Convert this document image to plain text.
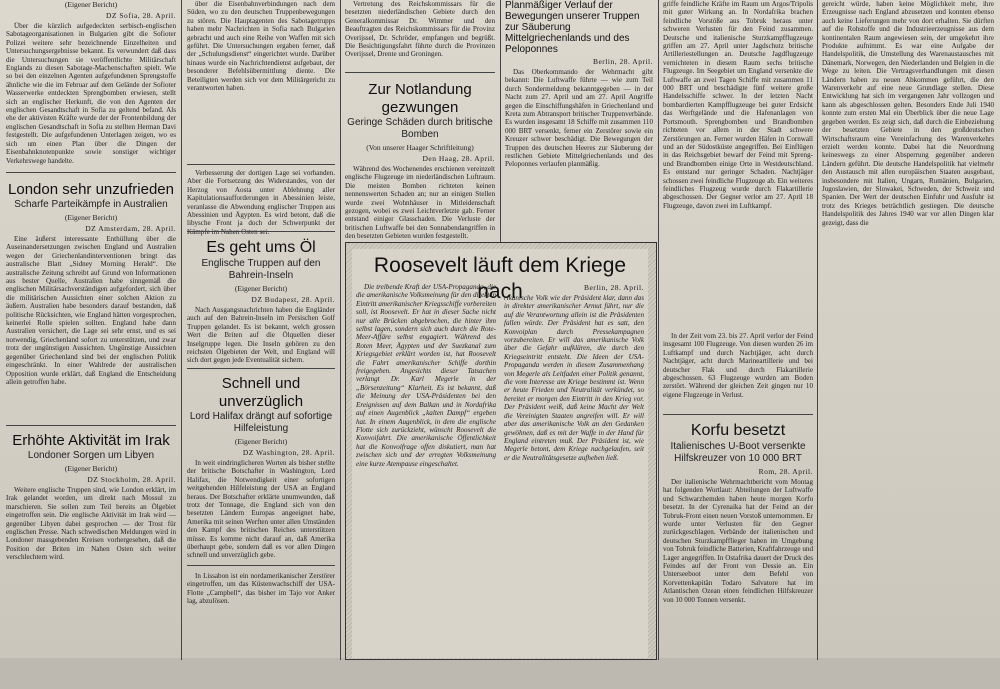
(Eigener Bericht)

DZ Sofia, 28. April.

Über die kürzlich aufgedeckten serbisch-englischen Sabotageorganisationen in Bulgarien gibt die Sofioter Polizei weitere sehr bezeichnende Einzelheiten und Untersuchungsergebnisse bekannt. Es verwundert daß dass die Untersuchungen sie veröffentlichte Militärschaft Englands zu diesen Sabotage-Machenschaften spielt. Wie so bei den einzelnen Agenten aufgefundenen Sprengstoffe ähnliche wie die im Februar auf dem Gelände der Sofioter Wasserwerke entdeckten Sprengbomben erwiesen, stellt sich an englischer Herkunft, die von den Agenten der englischen Gesandtschaft in Sofia zu geltend befand. Als ehe der aktivisten Kräfte wurde der der Frontenbildung der englischen Gesandtschaft in Sofia zu stellten Herman Davi festgestellt. Die aufgefundenen Unterlagen zeigen, wo es sich um einen Plan über die Dingen der Eisenbahnknotenpunkte sowie sonstiger wichtiger Verkehrswege handelte.

London sehr unzufrieden

Scharfe Parteikämpfe in Australien

(Eigener Bericht)

DZ Amsterdam, 28. April.

Eine äußerst interessante Enthüllung über die Auseinandersetzungen zwischen England und Australien wegen der Griechenlandinterventionen bringt das australische Blatt „Sidney Morning Herald“. Die australische Zeitung schreibt auf Grund von Informationen aus bester Quelle, Australien habe sinngemäß die englischen Militärsachverständigen aufgefordert, sich über die militärischen Aussichten einer solchen Aktion zu äußern. Australien habe besonders darauf bestanden, daß politische Rücksichten, wie England hätten vorgesprochen, keinerlei Rolle spielen sollten. England habe dann Australien versichert, die Lage sei sehr ernst, und es sei notwendig, Griechenland sofort zu unterstützen, und zwar trotz der ungünstigen Aussichten. Ungünstige Aussichten gegenüber Griechenland sind bei der englischen Politik eingeschränkt. In einer Wahlrede der australischen Opposition wurde erklärt, daß England die Entscheidung allein getroffen habe.

Erhöhte Aktivität im Irak

Londoner Sorgen um Libyen

(Eigener Bericht)

DZ Stockholm, 28. April.

Weitere englische Truppen sind, wie London erklärt, im Irak gelandet worden, um direkt nach Mossul zu marschieren. Sie sollen zum Teil bereits an Ölgebiet eingetroffen sein. Die englische Aktivität im Irak wird — gegenüber Libyen dabei gesprochen — der Trost für englischen Presse. Nach schwedischen Meldungen wird in Londoner massgebenden Kreisen vorhergesehen, daß die Position der Briten im Nahen Osten sich weiter verschlechtern wird.

über die Eisenbahnverbindungen nach dem Süden, wo zu den deutschen Truppenbewegungen zu stören. Die Hauptagenten des Sabotagetrupps haben mehr Nachrichten in Sofia nach Bulgarien gebracht und auch eine Reihe von Waffen mit sich geführt. Die Untersuchungen ergaben ferner, daß der „Schulungsdienst“ eingerichtet wurde. Darüber hinaus wurde ein Nachrichtendienst aufgebaut, der besonderer Befehlsübermittlung diente. Die Beteiligten werden sich vor dem Militärgericht zu verantworten haben.

Verbesserung der dortigen Lage sei vorhanden. Aber die Fortsetzung des Widerstandes, von der Herzog von Aosta unter Ablehnung aller Kapitulationsaufforderungen in Abessinien leiste, veranlasse die Abwendung englischer Truppen aus Abessinien und Ägypten. Es wird betont, daß die libysche Front ja doch der Schwerpunkt der

Es geht ums Öl

Englische Truppen auf den Bahrein-Inseln

(Eigener Bericht)

DZ Budapest, 28. April.

Nach Ausgangsnachrichten haben die Engländer auch auf den Bahrein-Inseln im Persischen Golf Truppen gelandet. Es ist bekannt, welch grossen Wert die Briten auf die Ölquellen dieser Inselgruppe legen. Die Inseln gehören zu den reichsten Ölgebieten der Welt, und England will sich dort gegen jede Eventualität sichern.

Schnell und unverzüglich

Lord Halifax drängt auf sofortige Hilfeleistung

(Eigener Bericht)

DZ Washington, 28. April.

In weit eindringlicheren Worten als bisher stellte der britische Botschafter in Washington, Lord Halifax, die Notwendigkeit einer sofortigen weitgehenden Hilfeleistung der USA an England heraus. Der Botschafter erklärte unumwunden, daß trotz der Tonnage, die England sich von den besetzten Ländern Europas angeeignet habe, Amerika mit seinen Werften unter allen Umständen den Kampf des britischen Reiches unterstützen müsse. Es komme nicht darauf an, daß Amerika überhaupt gebe, sondern daß es vor allen Dingen schnell und unverzüglich gebe.

In Lissabon ist ein nordamerikanischer Zerstörer eingetroffen, um das Küstenwachschiff der USA-Flotte „Campbell“, das bisher im Tajo vor Anker lag, abzulösen.

Vertretung des Reichskommissars für die besetzten niederländischen Gebiete durch den Generalkommissar Dr. Wimmer und den Beauftragten des Reichskommissars für die Provinz Overijssel, Dr. Schröder, empfangen und begrüßt. Die Besichtigungsfahrt führte durch die Provinzen Overijssel, Drente und Groningen.

Zur Notlandung gezwungen

Geringe Schäden durch britische Bomben

(Von unserer Haager Schriftleitung)

Den Haag, 28. April.

Während des Wochenendes erschienen vereinzelt englische Flugzeuge im niederländischen Luftraum. Die meisten Bomben richteten keinen nennenswerten Schaden an; nur an einigen Stellen wurde zwei Wohnhäuser in Mitleidenschaft gezogen, wobei es zwei Leichtverletzte gab. Ferner entstand einiger Glasschaden. Die Verluste der britischen Luftwaffe bei den Sonnabendangriffen in den besetzten Gebieten wurden festgestellt.

Planmäßiger Verlauf der Bewegungen unserer Truppen zur Säuberung Mittelgriechenlands und des Peloponnes

Berlin, 28. April.

Das Oberkommando der Wehrmacht gibt bekannt: Die Luftwaffe führte — wie zum Teil durch Sondermeldung bekanntgegeben — in der Nacht zum 27. April und am 27. April Angriffe gegen die Einschiffungshäfen in Griechenland und Kreta zum Abtransport britischer Truppenverbände. Es wurden insgesamt 18 Schiffe mit zusammen 110 000 BRT versenkt, ferner ein Zerstörer sowie ein Kreuzer schwer beschädigt. Die Bewegungen der Truppen des deutschen Heeres zur Säuberung der restlichen Gebiete Mittelgriechenlands und des Peloponnes verlaufen planmäßig.

Roosevelt läuft dem Kriege nach

Die treibende Kraft der USA-Propaganda, die die amerikanische Volksmeinung für den direkten Eintritt amerikanischer Kriegsschiffe vorbereiten soll, ist Roosevelt. Er hat in dieser Sache nicht nur alle Brücken abgebrochen, die hinter ihm selbst lagen, sondern sich auch durch die Rote-Meer-Affäre selbst engagiert. Während des Roten Meer, Ägypten und der Suezkanal zum Kriegsgebiet erklärt worden ist, hat Roosevelt die Fahrt amerikanischer Schiffe dorthin freigegeben. Angesichts dieser Tatsachen verlangt Dr. Karl Megerle in der „Börsenzeitung“ Klarheit. Es ist bekannt, daß die Meinung der USA-Präsidenten bei den Ereignissen auf dem Balkan und in Nordafrika auf einen Augenblick „kalten Dampf“ ergeben hat. In einem Augenblick, in dem die englische Flotte sich zurückzieht, wünscht Roosevelt die Konvoifahrt. Die amerikanische Öffentlichkeit hat die Konvoifrage offen diskutiert, man hat zwischen sich und der erregten Volksmeinung eine kurze Atempause eingeschaltet.

Berlin, 28. April.

rikanische Volk wie der Präsident klar, dann das in direkter amerikanischer Armut führt, nur die auf die Verantwortung allein ist die Präsidenten fallen würde. Der Präsident hat es satt, den Konvoiplan durch Pressekampagnen vorzubereiten. Er will das amerikanische Volk über die Gefahr aufklären, die durch den Kriegseintritt entsteht. Die Ideen der USA-Propaganda werden in diesem Zusammenhang von Megerle als Leitfaden einer Politik genannt, die vom Interesse am Kriege bestimmt ist. Wenn er heute Frieden und Neutralität verkündet, so bereitet er morgen den Eintritt in den Krieg vor. Der Präsident weiß, daß keine Macht der Welt die Vereinigten Staaten angreifen will. Er will aber das amerikanische Volk an den Gedanken gewöhnen, daß es mit der Waffe in der Hand für England eintreten muß. Der Präsident ist, wie Megerle betont, dem Kriege nachgelaufen, seit er die Neutralitätsgesetze aufheben ließ.

griffe feindliche Kräfte im Raum um Argos/Tripolis mit guter Wirkung an. In Nordafrika brachen feindliche Vorstöße aus Tobruk heraus unter schweren Verlusten für den Feind zusammen. Deutsche und italienische Sturzkampfflugzeuge griffen am 27. April unter Jagdschutz britische Artilleriestellungen an. Deutsche Jagdflugzeuge vernichteten in diesem Raum sechs britische Flugzeuge. Im Seegebiet um England versenkte die Luftwaffe an zwei Tagen Schiffe mit zusammen 11 000 BRT und beschädigte fünf weitere große Handelsschiffe schwer. In der letzten Nacht bombardierten Kampfflugzeuge bei guter Erdsicht das Werftgelände und die Hafenanlagen von Portsmouth. Sprengbomben und Brandbomben richteten vor allem in der Stadt schwere Zerstörungen an. Ferner wurden Häfen in Cornwall und an der Südostküste angegriffen. Bei Einflügen in das Reichsgebiet bewarf der Feind mit Spreng- und Brandbomben einige Orte in Westdeutschland. Es entstand nur geringer Schaden. Nachtjäger schossen zwei feindliche Flugzeuge ab. Ein weiteres feindliches Flugzeug wurde durch Flakartillerie abgeschossen. Der Gegner verlor am 27. April 18 Flugzeuge, davon zwei im Luftkampf.

In der Zeit vom 23. bis 27. April verlor der Feind insgesamt 100 Flugzeuge. Von diesen wurden 26 im Luftkampf und durch Nachtjäger, acht durch Nachtjäger, acht durch Marineartillerie und bei deutscher Flak und durch Flakartillerie abgeschossen. 63 Flugzeuge wurden am Boden zerstört. Während der gleichen Zeit gingen nur 10 eigene Flugzeuge in Verlust.

Korfu besetzt

Italienisches U-Boot versenkte Hilfskreuzer von 10 000 BRT

Rom, 28. April.

Der italienische Wehrmachtbericht vom Montag hat folgenden Wortlaut: Abteilungen der Luftwaffe und Schwarzhemden haben heute morgen Korfu besetzt. In der Cyrenaika hat der Feind an der Tobruk-Front einen neuen Vorstoß unternommen. Er wurde unter Verlusten für den Gegner zurückgeschlagen. Verbände der italienischen und deutschen Sturzkampfflieger haben im Umgebung von Tobruk feindliche Batterien, Kraftfahrzeuge und Lager angegriffen. In Ostafrika dauert der Druck des Feindes auf der Front von Dessie an. Ein Unterseeboot unter dem Befehl von Korvettenkapitän Todaro Salvatore hat im Atlantischen Ozean einen feindlichen Hilfskreuzer von 10 000 Tonnen versenkt.

gereicht würde, haben keine Möglichkeit mehr, ihre Erzeugnisse nach England abzusetzen und konnten ebenso auch keine Lieferungen mehr von dort erhalten. Sie dürften auf die Rohstoffe und die Industrieerzeugnisse aus dem kontinentalen Raum angewiesen sein, der umgekehrt ihre Produkte aufnimmt. Es war eine Aufgabe der Handelspolitik, die Umstellung des Warenaustausches mit Dänemark, Norwegen, den Niederlanden und Belgien in die Wege zu leiten. Die Vertragsverhandlungen mit diesen Ländern haben zu neuen Abkommen geführt, die den Warenverkehr auf eine neue Grundlage stellen. Diese Entwicklung hat sich im vergangenen Jahr vollzogen und kann als abgeschlossen gelten. Besonders Ende Juli 1940 konnte zum ersten Mal ein Überblick über die neue Lage gegeben werden. Es zeigt sich, daß durch die Einbeziehung der besetzten Gebiete in den großdeutschen Wirtschaftsraum eine Vereinfachung des Warenverkehrs erzielt werden konnte. Dabei hat die Neuordnung keineswegs zu einer Absperrung gegenüber anderen Ländern geführt. Die deutsche Handelspolitik hat vielmehr den Austausch mit allen europäischen Staaten ausgebaut, insbesondere mit Italien, Ungarn, Rumänien, Bulgarien, Jugoslawien, der Slowakei, Schweden, der Schweiz und Spanien. Der Wert der deutschen Einfuhr und Ausfuhr ist trotz des Krieges beträchtlich gestiegen. Die deutsche Handelspolitik des Jahres 1940 war vor allen Dingen klar gezeigt, dass die
